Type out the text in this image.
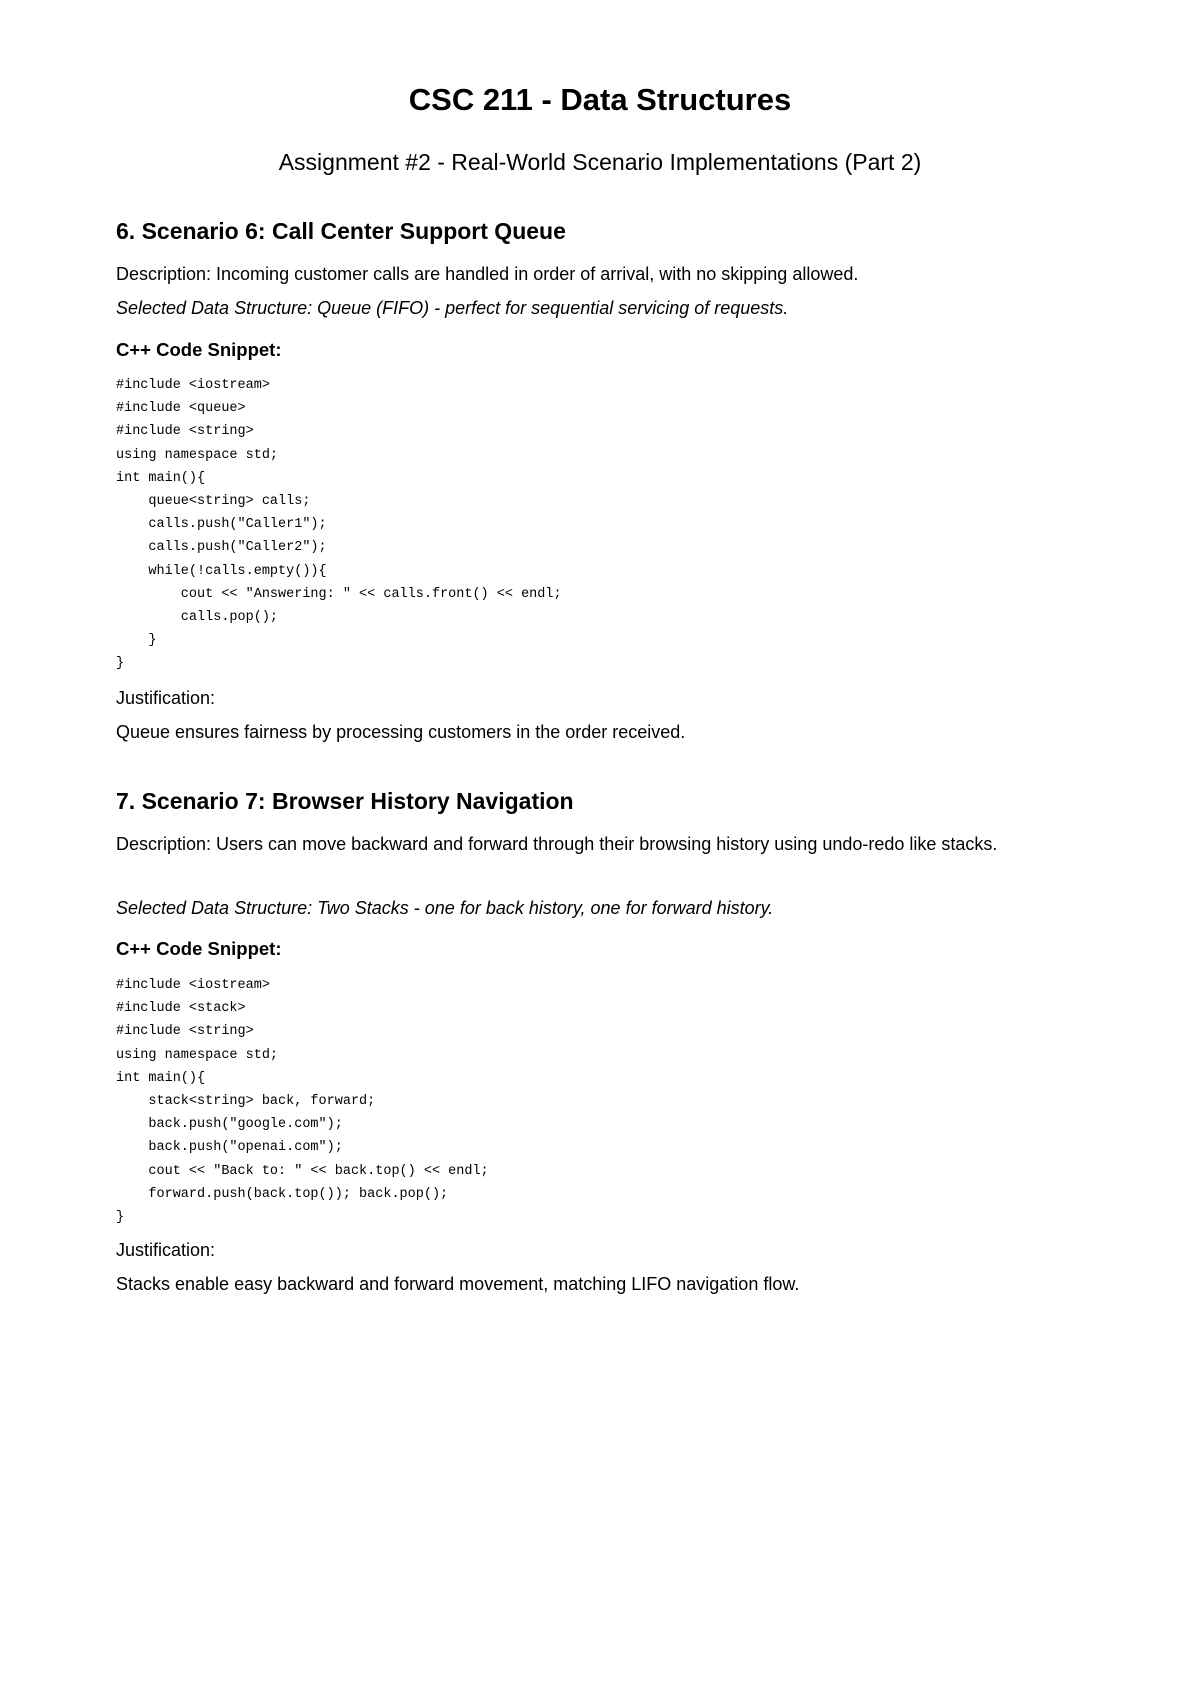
CSC 211 - Data Structures

Assignment #2 - Real-World Scenario Implementations (Part 2)

6. Scenario 6: Call Center Support Queue

Description: Incoming customer calls are handled in order of arrival, with no skipping allowed.

Selected Data Structure: Queue (FIFO) - perfect for sequential servicing of requests.

C++ Code Snippet:

#include <iostream>
#include <queue>
#include <string>
using namespace std;
int main(){
queue<string> calls;
calls.push("Caller1");
calls.push("Caller2");
while(!calls.empty()){
cout << "Answering: " << calls.front() << endl;
calls.pop();
}
}

Justification:

Queue ensures fairness by processing customers in the order received.

7. Scenario 7: Browser History Navigation

Description: Users can move backward and forward through their browsing history using undo-redo like stacks.

Selected Data Structure: Two Stacks - one for back history, one for forward history.

C++ Code Snippet:

#include <iostream>
#include <stack>
#include <string>
using namespace std;
int main(){
stack<string> back, forward;
back.push("google.com");
back.push("openai.com");
cout << "Back to: " << back.top() << endl;
forward.push(back.top()); back.pop();
}

Justification:

Stacks enable easy backward and forward movement, matching LIFO navigation flow.
